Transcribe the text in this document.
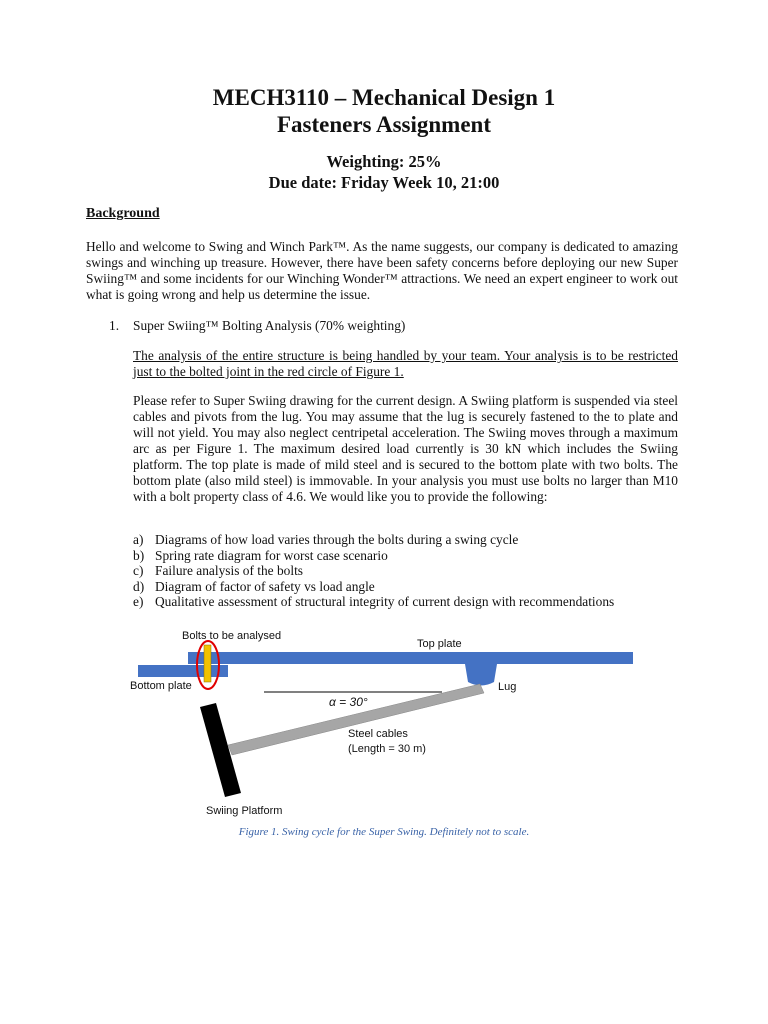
MECH3110 – Mechanical Design 1
Fasteners Assignment
Weighting: 25%
Due date: Friday Week 10, 21:00
Background
Hello and welcome to Swing and Winch Park™. As the name suggests, our company is dedicated to amazing swings and winching up treasure. However, there have been safety concerns before deploying our new Super Swiing™ and some incidents for our Winching Wonder™ attractions. We need an expert engineer to work out what is going wrong and help us determine the issue.
1. Super Swiing™ Bolting Analysis (70% weighting)
The analysis of the entire structure is being handled by your team. Your analysis is to be restricted just to the bolted joint in the red circle of Figure 1.
Please refer to Super Swiing drawing for the current design. A Swiing platform is suspended via steel cables and pivots from the lug. You may assume that the lug is securely fastened to the to plate and will not yield. You may also neglect centripetal acceleration. The Swiing moves through a maximum arc as per Figure 1. The maximum desired load currently is 30 kN which includes the Swiing platform. The top plate is made of mild steel and is secured to the bottom plate with two bolts. The bottom plate (also mild steel) is immovable. In your analysis you must use bolts no larger than M10 with a bolt property class of 4.6. We would like you to provide the following:
a) Diagrams of how load varies through the bolts during a swing cycle
b) Spring rate diagram for worst case scenario
c) Failure analysis of the bolts
d) Diagram of factor of safety vs load angle
e) Qualitative assessment of structural integrity of current design with recommendations
Bolts to be analysed
Top plate
Bottom plate	Lug
α = 30°
Steel cables
(Length = 30 m)
Swiing Platform
Figure 1. Swing cycle for the Super Swing. Definitely not to scale.
